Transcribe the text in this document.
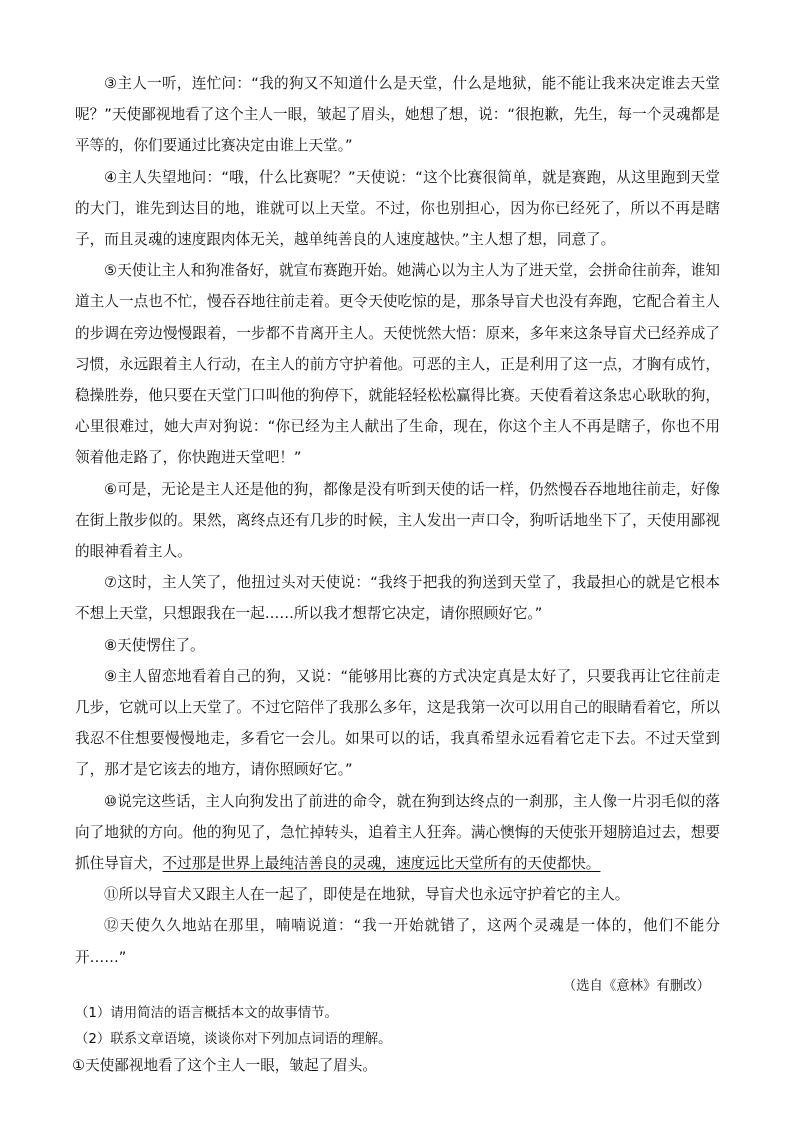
③主人一听，连忙问：“我的狗又不知道什么是天堂，什么是地狱，能不能让我来决定谁去天堂呢？”天使鄙视地看了这个主人一眼，皱起了眉头，她想了想，说：“很抱歉，先生，每一个灵魂都是平等的，你们要通过比赛决定由谁上天堂。”

④主人失望地问：“哦，什么比赛呢？”天使说：“这个比赛很简单，就是赛跑，从这里跑到天堂的大门，谁先到达目的地，谁就可以上天堂。不过，你也别担心，因为你已经死了，所以不再是瞎子，而且灵魂的速度跟肉体无关，越单纯善良的人速度越快。”主人想了想，同意了。

⑤天使让主人和狗准备好，就宣布赛跑开始。她满心以为主人为了进天堂，会拼命往前奔，谁知道主人一点也不忙，慢吞吞地往前走着。更令天使吃惊的是，那条导盲犬也没有奔跑，它配合着主人的步调在旁边慢慢跟着，一步都不肯离开主人。天使恍然大悟：原来，多年来这条导盲犬已经养成了习惯，永远跟着主人行动，在主人的前方守护着他。可恶的主人，正是利用了这一点，才胸有成竹，稳操胜券，他只要在天堂门口叫他的狗停下，就能轻轻松松赢得比赛。天使看着这条忠心耿耿的狗，心里很难过，她大声对狗说：“你已经为主人献出了生命，现在，你这个主人不再是瞎子，你也不用领着他走路了，你快跑进天堂吧！”

⑥可是，无论是主人还是他的狗，都像是没有听到天使的话一样，仍然慢吞吞地地往前走，好像在街上散步似的。果然，离终点还有几步的时候，主人发出一声口令，狗听话地坐下了，天使用鄙视的眼神看着主人。

⑦这时，主人笑了，他扭过头对天使说：“我终于把我的狗送到天堂了，我最担心的就是它根本不想上天堂，只想跟我在一起……所以我才想帮它决定，请你照顾好它。”

⑧天使愣住了。

⑨主人留恋地看着自己的狗，又说：“能够用比赛的方式决定真是太好了，只要我再让它往前走几步，它就可以上天堂了。不过它陪伴了我那么多年，这是我第一次可以用自己的眼睛看着它，所以我忍不住想要慢慢地走，多看它一会儿。如果可以的话，我真希望永远看着它走下去。不过天堂到了，那才是它该去的地方，请你照顾好它。”

⑩说完这些话，主人向狗发出了前进的命令，就在狗到达终点的一刹那，主人像一片羽毛似的落向了地狱的方向。他的狗见了，急忙掉转头，追着主人狂奔。满心懊悔的天使张开翅膀追过去，想要抓住导盲犬，不过那是世界上最纯洁善良的灵魂，速度远比天堂所有的天使都快。

⑪所以导盲犬又跟主人在一起了，即使是在地狱，导盲犬也永远守护着它的主人。

⑫天使久久地站在那里，喃喃说道：“我一开始就错了，这两个灵魂是一体的，他们不能分开……”

（选自《意林》有删改）

（1）请用简洁的语言概括本文的故事情节。

（2）联系文章语境，谈谈你对下列加点词语的理解。

①天使鄙视地看了这个主人一眼，皱起了眉头。
